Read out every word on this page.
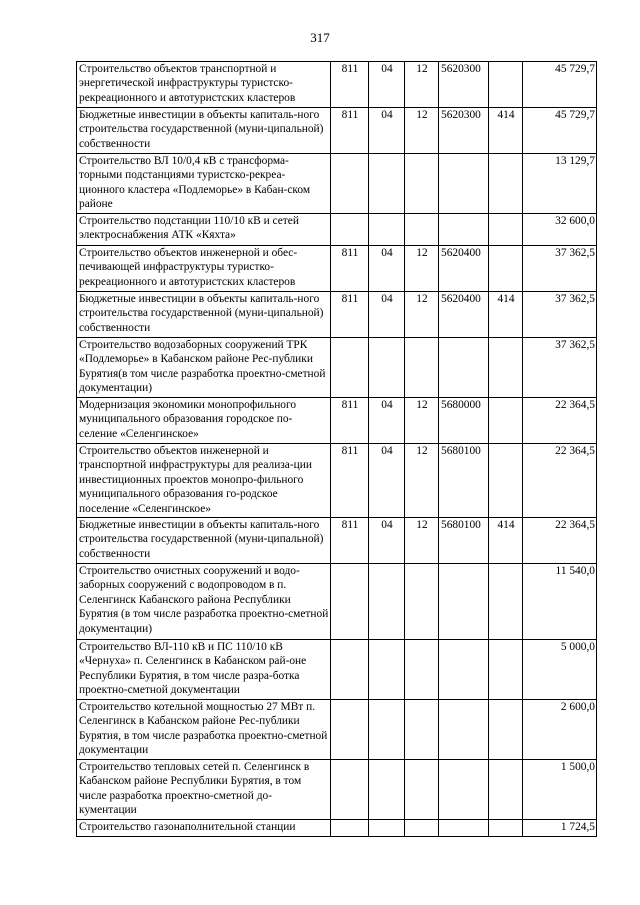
317
Строительство объектов транспортной и энергетической инфраструктуры туристско-рекреационного и автотуристских кластеров	811	04	12	5620300		45 729,7
Бюджетные инвестиции в объекты капиталь-ного строительства государственной (муни-ципальной) собственности	811	04	12	5620300	414	45 729,7
Строительство ВЛ 10/0,4 кВ с трансформа-торными подстанциями туристско-рекреа-ционного кластера «Подлеморье» в Кабан-ском районе						13 129,7
Строительство подстанции 110/10 кВ и сетей электроснабжения АТК «Кяхта»						32 600,0
Строительство объектов инженерной и обес-печивающей инфраструктуры туристко-рекреационного и автотуристских кластеров	811	04	12	5620400		37 362,5
Бюджетные инвестиции в объекты капиталь-ного строительства государственной (муни-ципальной) собственности	811	04	12	5620400	414	37 362,5
Строительство водозаборных сооружений ТРК «Подлеморье» в Кабанском районе Рес-публики Бурятия(в том числе разработка проектно-сметной документации)						37 362,5
Модернизация экономики монопрофильного муниципального образования городское по-селение «Селенгинское»	811	04	12	5680000		22 364,5
Строительство объектов инженерной и транспортной инфраструктуры для реализа-ции инвестиционных проектов монопро-фильного муниципального образования го-родское поселение «Селенгинское»	811	04	12	5680100		22 364,5
Бюджетные инвестиции в объекты капиталь-ного строительства государственной (муни-ципальной) собственности	811	04	12	5680100	414	22 364,5
Строительство очистных сооружений и водо-заборных сооружений с водопроводом в п. Селенгинск Кабанского района Республики Бурятия (в том числе разработка проектно-сметной документации)						11 540,0
Строительство ВЛ-110 кВ и ПС 110/10 кВ «Чернуха» п. Селенгинск в Кабанском рай-оне Республики Бурятия, в том числе разра-ботка проектно-сметной документации						5 000,0
Строительство котельной мощностью 27 МВт п. Селенгинск в Кабанском районе Рес-публики Бурятия, в том числе разработка проектно-сметной документации						2 600,0
Строительство тепловых сетей п. Селенгинск в Кабанском районе Республики Бурятия, в том числе разработка проектно-сметной до-кументации						1 500,0
Строительство газонаполнительной станции						1 724,5
